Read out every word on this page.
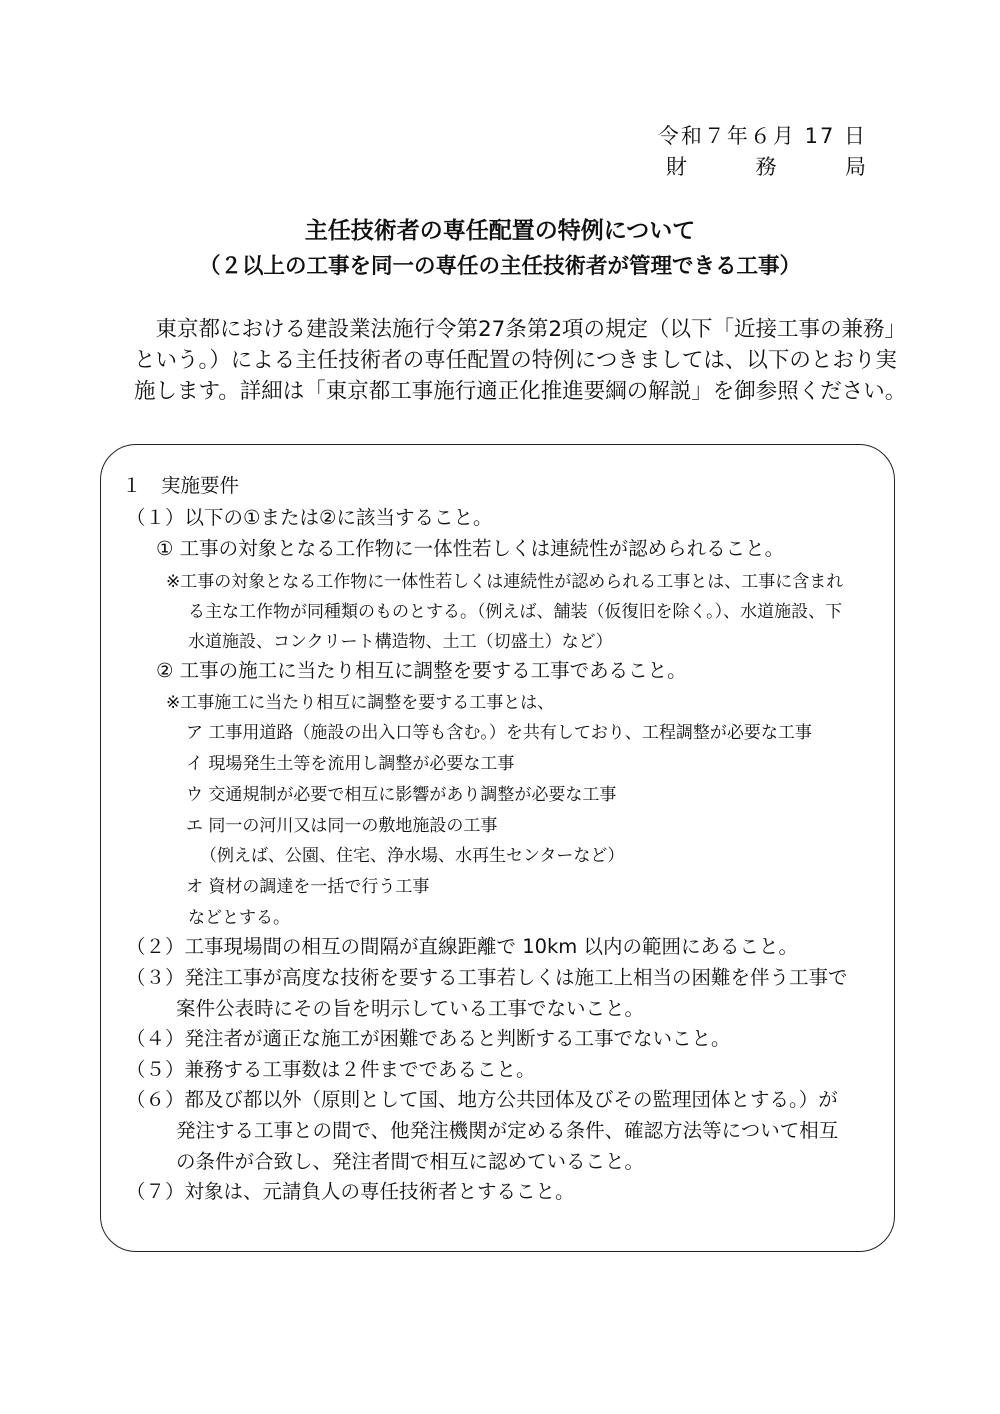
令和７年６月 17 日

財	務	局
主任技術者の専任配置の特例について
（２以上の工事を同一の専任の主任技術者が管理できる工事）

　東京都における建設業法施行令第27条第2項の規定（以下「近接工事の兼務」

という。）による主任技術者の専任配置の特例につきましては、以下のとおり実

施します。詳細は「東京都工事施行適正化推進要綱の解説」を御参照ください。

１　実施要件

（１）以下の①または②に該当すること。

① 工事の対象となる工作物に一体性若しくは連続性が認められること。

※工事の対象となる工作物に一体性若しくは連続性が認められる工事とは、工事に含まれ

る主な工作物が同種類のものとする。（例えば、舗装（仮復旧を除く。）、水道施設、下

水道施設、コンクリート構造物、土工（切盛土）など）

② 工事の施工に当たり相互に調整を要する工事であること。

※工事施工に当たり相互に調整を要する工事とは、

ア 工事用道路（施設の出入口等も含む。）を共有しており、工程調整が必要な工事

イ 現場発生土等を流用し調整が必要な工事

ウ 交通規制が必要で相互に影響があり調整が必要な工事

エ 同一の河川又は同一の敷地施設の工事

（例えば、公園、住宅、浄水場、水再生センターなど）

オ 資材の調達を一括で行う工事

などとする。

（２）工事現場間の相互の間隔が直線距離で 10km 以内の範囲にあること。

（３）発注工事が高度な技術を要する工事若しくは施工上相当の困難を伴う工事で

案件公表時にその旨を明示している工事でないこと。

（４）発注者が適正な施工が困難であると判断する工事でないこと。

（５）兼務する工事数は２件までであること。

（６）都及び都以外（原則として国、地方公共団体及びその監理団体とする。）が

発注する工事との間で、他発注機関が定める条件、確認方法等について相互

の条件が合致し、発注者間で相互に認めていること。

（７）対象は、元請負人の専任技術者とすること。
